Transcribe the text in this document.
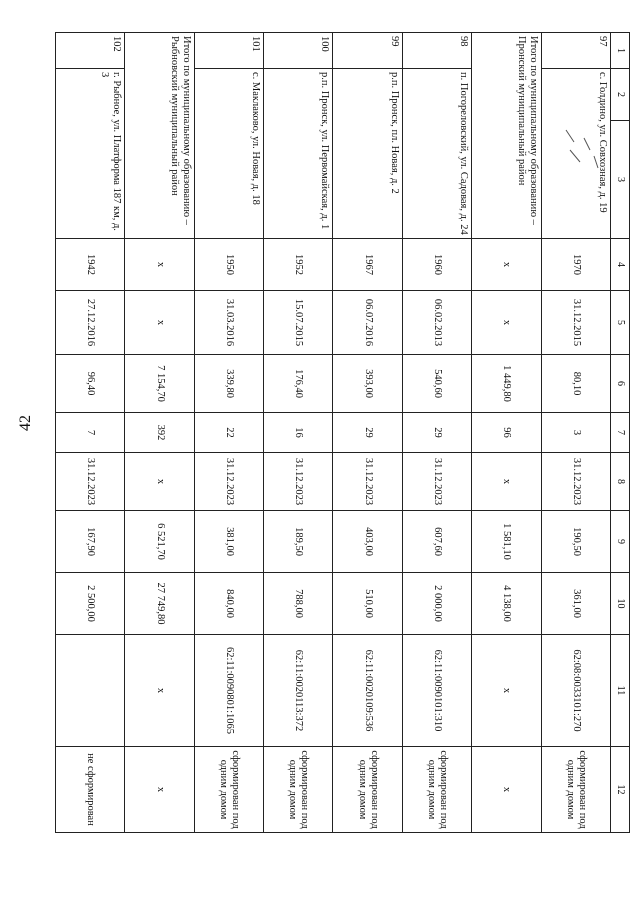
42
1	2	3	4	5	6	7	8	9	10	11	12
97	с. Голдино, ул. Совхозная, д. 19		1970	31.12.2015	80,10	3	31.12.2023	190,50	361,00	62:08:0033101:270	сформирован под одним домом
Итого по муниципальному образованию – Пронский муниципальный район			х	х	1 449,80	96	х	1 581,10	4 138,00	х	х
98	п. Погореловский, ул. Садовая, д. 24		1960	06.02.2013	540,60	29	31.12.2023	607,60	2 000,00	62:11:0090101:310	сформирован под одним домом
99	р.п. Пронск, пл. Новая, д. 2		1967	06.07.2016	393,00	29	31.12.2023	403,00	510,00	62:11:0020109:536	сформирован под одним домом
100	р.п. Пронск, ул. Первомайская, д. 1		1952	15.07.2015	176,40	16	31.12.2023	189,50	788,00	62:11:0020113:372	сформирован под одним домом
101	с. Маклаково, ул. Новая, д. 18		1950	31.03.2016	339,80	22	31.12.2023	381,00	840,00	62:11:0090801:1065	сформирован под одним домом
Итого по муниципальному образованию – Рыбновский муниципальный район			х	х	7 154,70	392	х	6 521,70	27 749,80	х	х
102	г. Рыбное, ул. Платформа 187 км, д. 3		1942	27.12.2016	96,40	7	31.12.2023	167,90	2 500,00		не сформирован
